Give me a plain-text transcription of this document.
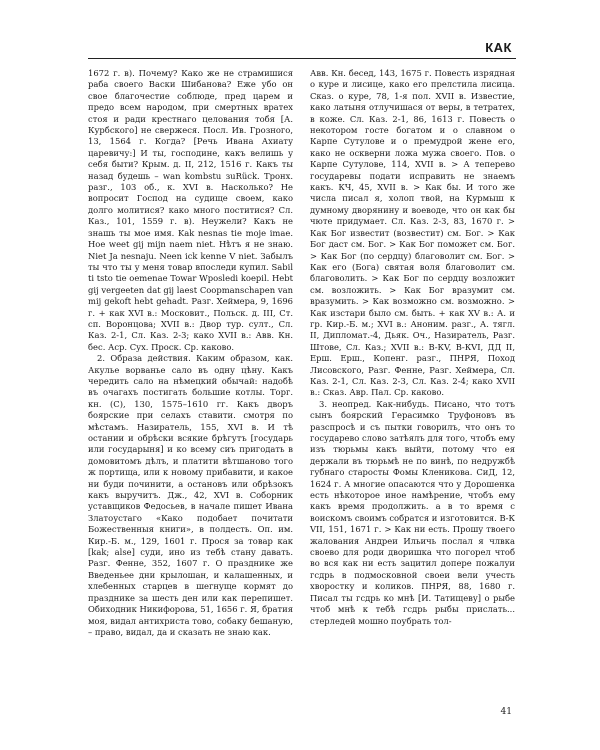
КАК

1672 г. в). Почему? Како же не страмишися раба своего Васки Шибанова? Еже убо он свое благочестие соблюде, пред царем и предо всем народом, при смертных вратех стоя и ради крестнаго целования тобя [А. Курбского] не свержеся. Посл. Ив. Грозного, 13, 1564 г. Когда? [Речь Ивана Ахиату царевичу:] И ты, господине, какъ велишь у себя быти? Крым. д. II, 212, 1516 г. Какъ ты назад будешь – wan kombstu зuRück. Тронх. разг., 103 об., к. XVI в. Насколько? Не вопросит Господ на судище своем, како долго молитися? како много поститися? Сл. Каз., 101, 1559 г. в). Неужели? Какъ не знашь ты мое имя. Kak nesnas tie moje imae. Hoe weet gij mijn naem niet. Нѣтъ я не знаю. Niet Ja nesnaju. Neen ick kenne V niet. Забылъ ты что ты у меня товар впоследи купил. Sabil ti tsto tie oemenae Towar Wposledi koepil. Hebt gij vergeeten dat gij laest Coopmanschapen van mij gekoft hebt gehadt. Разг. Хеймера, 9, 1696 г. + как XVI в.: Московит., Польск. д. III, Ст. сп. Воронцова; XVII в.: Двор тур. султ., Сл. Каз. 2-1, Сл. Каз. 2-3; како XVII в.: Авв. Кн. бес. Аср. Сух. Проск. Ср. каково.

2. Образа действия. Каким образом, как. Акулье ворванье сало въ одну цѣну. Какъ чередить сало на нѣмецкий обычай: надобѣ въ очагахъ постигать большие котлы. Торг. кн. (С), 130, 1575–1610 гг. Какъ дворъ боярские при селахъ ставити. смотря по мѣстамъ. Назиратель, 155, XVI в. И тѣ остании и обрѣски всякие брѣгутъ [государь или государыня] и ко всему сиъ пригодать в домовитомъ дѣлъ, и платити вѣтшаново того ж портища, или к новому прибавити, и какое ни буди починити, а остановъ или обрѣзокъ какъ выручитъ. Дж., 42, XVI в. Соборник уставщиков Федосьев, в начале пишет Ивана Златоустаго «Како подобает почитати Божественныя книги», в полдесть. Оп. им. Кир.-Б. м., 129, 1601 г. Прося за товар как [kak; alse] суди, ино из тебѣ стану давать. Разг. Фенне, 352, 1607 г. О празднике же Введеньее дни крылошан, и калашенных, и хлебенных старцев в шегнуще кормят до празднике за шесть ден или как перепишет. Обиходник Никифорова, 51, 1656 г. Я, братия моя, видал антихриста тово, собаку бешаную, – право, видал, да и сказать не знаю как.

Авв. Кн. бесед, 143, 1675 г. Повесть изрядная о куре и лисице, како его прелстила лисица. Сказ. о куре, 78, 1-я пол. XVII в. Известие, како латыня отлучишася от веры, в тетратех, в коже. Сл. Каз. 2-1, 86, 1613 г. Повесть о некотором госте богатом и о славном о Карпе Сутулове и о премудрой жене его, како не оскверни ложа мужа своего. Пов. о Карпе Сутулове, 114, XVII в. > А теперево государевы подати исправить не знаемъ какъ. КЧ, 45, XVII в. > Как бы. И того же числа писал я, холоп твой, на Курмыш к думному дворянину и воеводе, что он как бы чюте придумает. Сл. Каз. 2-3, 83, 1670 г. > Как Бог известит (возвестит) см. Бог. > Как Бог даст см. Бог. > Как Бог поможет см. Бог. > Как Бог (по сердцу) благоволит см. Бог. > Как его (Бога) святая воля благоволит см. благоволить. > Как Бог по сердцу возложит см. возложить. > Как Бог вразумит см. вразумить. > Как возможно см. возможно. > Как изстари было см. быть. + как XV в.: А. и гр. Кир.-Б. м.; XVI в.: Аноним. разг., А. тягл. II, Дипломат.-4, Дьяк. Оч., Назиратель, Разг. Штове, Сл. Каз.; XVII в.: В-КV, В-КVI, ДД II, Ерш. Ерш., Копенг. разг., ПНРЯ, Поход Лисовского, Разг. Фенне, Разг. Хеймера, Сл. Каз. 2-1, Сл. Каз. 2-3, Сл. Каз. 2-4; како XVII в.: Сказ. Авр. Пал. Ср. каково.

3. неопред. Как-нибудь. Писано, что тотъ сынъ боярский Герасимко Труфоновъ въ разспросѣ и съ пытки говорилъ, что онъ то государево слово затѣялъ для того, чтобъ ему изъ тюрьмы какъ выйти, потому что ея держали въ тюрьмѣ не по винѣ, по недружбѣ губнаго старосты Фомы Кленикова. СиД, 12, 1624 г. А многие опасаются что у Дорошенка есть нѣкоторое иное намѣрение, чтобъ ему какъ время продолжить. а в то время с воискомъ своимъ собратся и изготовится. В-К VII, 151, 1671 г. > Как ни есть. Прошу твоего жалования Андреи Ильичь послал я члвка своево для роди дворишка что погорел чтоб во вся как ни есть зацитил допере пожалуи гсдрь в подмосковной своеи вели учесть хворостку и коликов. ПНРЯ, 88, 1680 г. Писал ты гсдрь ко мнѣ [И. Татищеву] о рыбе чтоб мнѣ к тебѣ гсдрь рыбы прислать... стерледей мошно поубрать тол-

41
